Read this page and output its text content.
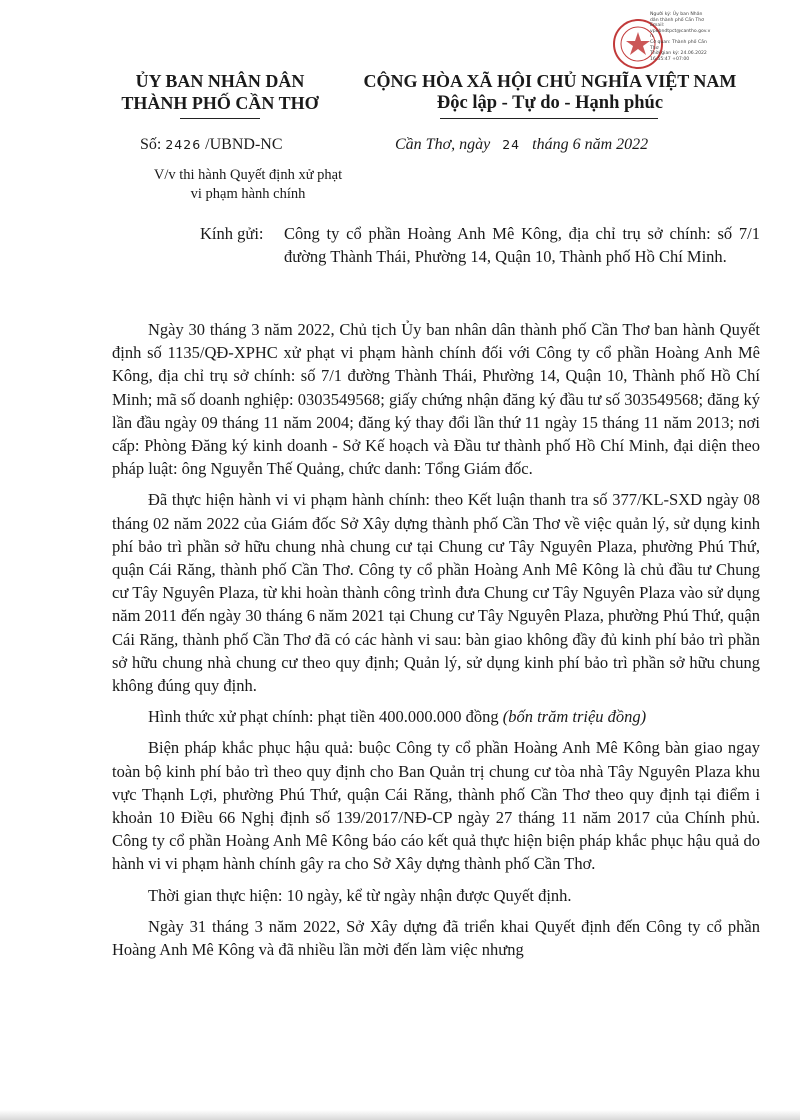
Người ký: Ủy ban Nhân
dân thành phố Cần Thơ
Email:
vpubndtpct@cantho.gov.v
n
Cơ quan: Thành phố Cần
Thơ
Thời gian ký: 24.06.2022
16:55:47 +07:00

ỦY BAN NHÂN DÂN

THÀNH PHỐ CẦN THƠ

CỘNG HÒA XÃ HỘI CHỦ NGHĨA VIỆT NAM

Độc lập - Tự do - Hạnh phúc

Số: 2426 /UBND-NC	Cần Thơ, ngày 24 tháng 6 năm 2022
V/v thi hành Quyết định xử phạt
vi phạm hành chính
Kính gửi:	Công ty cổ phần Hoàng Anh Mê Kông, địa chỉ trụ sở chính: số 7/1 đường Thành Thái, Phường 14, Quận 10, Thành phố Hồ Chí Minh.

Ngày 30 tháng 3 năm 2022, Chủ tịch Ủy ban nhân dân thành phố Cần Thơ ban hành Quyết định số 1135/QĐ-XPHC xử phạt vi phạm hành chính đối với Công ty cổ phần Hoàng Anh Mê Kông, địa chỉ trụ sở chính: số 7/1 đường Thành Thái, Phường 14, Quận 10, Thành phố Hồ Chí Minh; mã số doanh nghiệp: 0303549568; giấy chứng nhận đăng ký đầu tư số 303549568; đăng ký lần đầu ngày 09 tháng 11 năm 2004; đăng ký thay đổi lần thứ 11 ngày 15 tháng 11 năm 2013; nơi cấp: Phòng Đăng ký kinh doanh - Sở Kế hoạch và Đầu tư thành phố Hồ Chí Minh, đại diện theo pháp luật: ông Nguyễn Thế Quảng, chức danh: Tổng Giám đốc.

Đã thực hiện hành vi vi phạm hành chính: theo Kết luận thanh tra số 377/KL-SXD ngày 08 tháng 02 năm 2022 của Giám đốc Sở Xây dựng thành phố Cần Thơ về việc quản lý, sử dụng kinh phí bảo trì phần sở hữu chung nhà chung cư tại Chung cư Tây Nguyên Plaza, phường Phú Thứ, quận Cái Răng, thành phố Cần Thơ. Công ty cổ phần Hoàng Anh Mê Kông là chủ đầu tư Chung cư Tây Nguyên Plaza, từ khi hoàn thành công trình đưa Chung cư Tây Nguyên Plaza vào sử dụng năm 2011 đến ngày 30 tháng 6 năm 2021 tại Chung cư Tây Nguyên Plaza, phường Phú Thứ, quận Cái Răng, thành phố Cần Thơ đã có các hành vi sau: bàn giao không đầy đủ kinh phí bảo trì phần sở hữu chung nhà chung cư theo quy định; Quản lý, sử dụng kinh phí bảo trì phần sở hữu chung không đúng quy định.

Hình thức xử phạt chính: phạt tiền 400.000.000 đồng (bốn trăm triệu đồng)

Biện pháp khắc phục hậu quả: buộc Công ty cổ phần Hoàng Anh Mê Kông bàn giao ngay toàn bộ kinh phí bảo trì theo quy định cho Ban Quản trị chung cư tòa nhà Tây Nguyên Plaza khu vực Thạnh Lợi, phường Phú Thứ, quận Cái Răng, thành phố Cần Thơ theo quy định tại điểm i khoản 10 Điều 66 Nghị định số 139/2017/NĐ-CP ngày 27 tháng 11 năm 2017 của Chính phủ. Công ty cổ phần Hoàng Anh Mê Kông báo cáo kết quả thực hiện biện pháp khắc phục hậu quả do hành vi vi phạm hành chính gây ra cho Sở Xây dựng thành phố Cần Thơ.

Thời gian thực hiện: 10 ngày, kể từ ngày nhận được Quyết định.

Ngày 31 tháng 3 năm 2022, Sở Xây dựng đã triển khai Quyết định đến Công ty cổ phần Hoàng Anh Mê Kông và đã nhiều lần mời đến làm việc nhưng
